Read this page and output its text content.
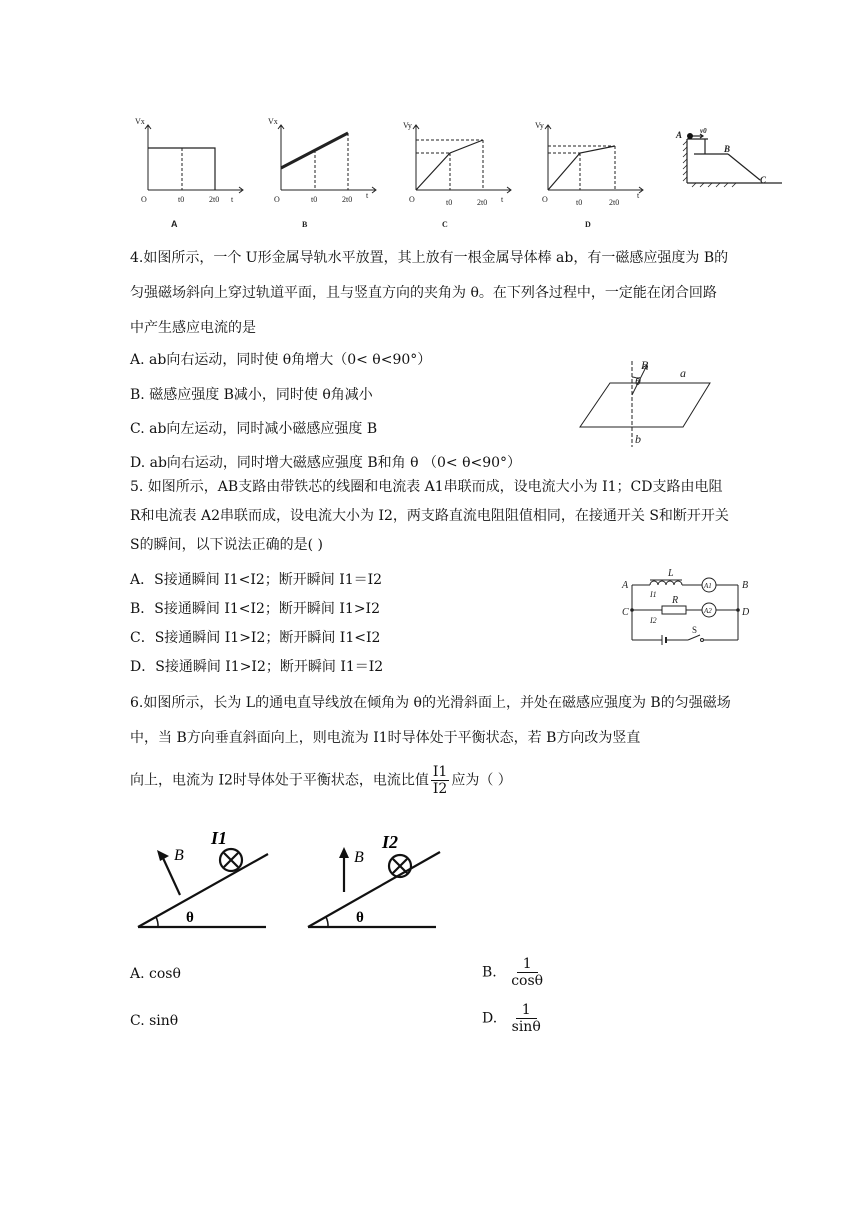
Vx
O	t0	2t0 t
A
Vx
O	t0	2t0 t
B
Vy
O	t0	2t0 t
C
Vy
O	t0	2t0
t
D
A	v0
B
C
4.如图所示，一个 U形金属导轨水平放置，其上放有一根金属导体棒 ab，有一磁感应强度为 B的匀强磁场斜向上穿过轨道平面，且与竖直方向的夹角为 θ。在下列各过程中，一定能在闭合回路中产生感应电流的是
A. ab向右运动，同时使 θ角增大（0< θ<90°）
B. 磁感应强度 B减小，同时使 θ角减小
C. ab向左运动，同时减小磁感应强度 B
D. ab向右运动，同时增大磁感应强度 B和角 θ （0< θ<90°）
B
θ
a
b
5. 如图所示，AB支路由带铁芯的线圈和电流表 A1串联而成，设电流大小为 I1；CD支路由电阻 R和电流表 A2串联而成，设电流大小为 I2，两支路直流电阻阻值相同，在接通开关 S和断开开关 S的瞬间，以下说法正确的是( )
A．S接通瞬间 I1<I2；断开瞬间 I1＝I2
B．S接通瞬间 I1<I2；断开瞬间 I1>I2
C．S接通瞬间 I1>I2；断开瞬间 I1<I2
D．S接通瞬间 I1>I2；断开瞬间 I1＝I2
A	B
C	D
L
R
I1
I2
A1
A2
S
6.如图所示，长为 L的通电直导线放在倾角为 θ的光滑斜面上，并处在磁感应强度为 B的匀强磁场中，当 B方向垂直斜面向上，则电流为 I1时导体处于平衡状态，若 B方向改为竖直
向上，电流为 I2时导体处于平衡状态，电流比值 $\frac{I1}{I2}$ 应为（ ）
B
I1
θ
B
I2
θ
A. cosθ	B. $\frac{1}{\cos\theta}$
C. sinθ	D. $\frac{1}{\sin\theta}$
